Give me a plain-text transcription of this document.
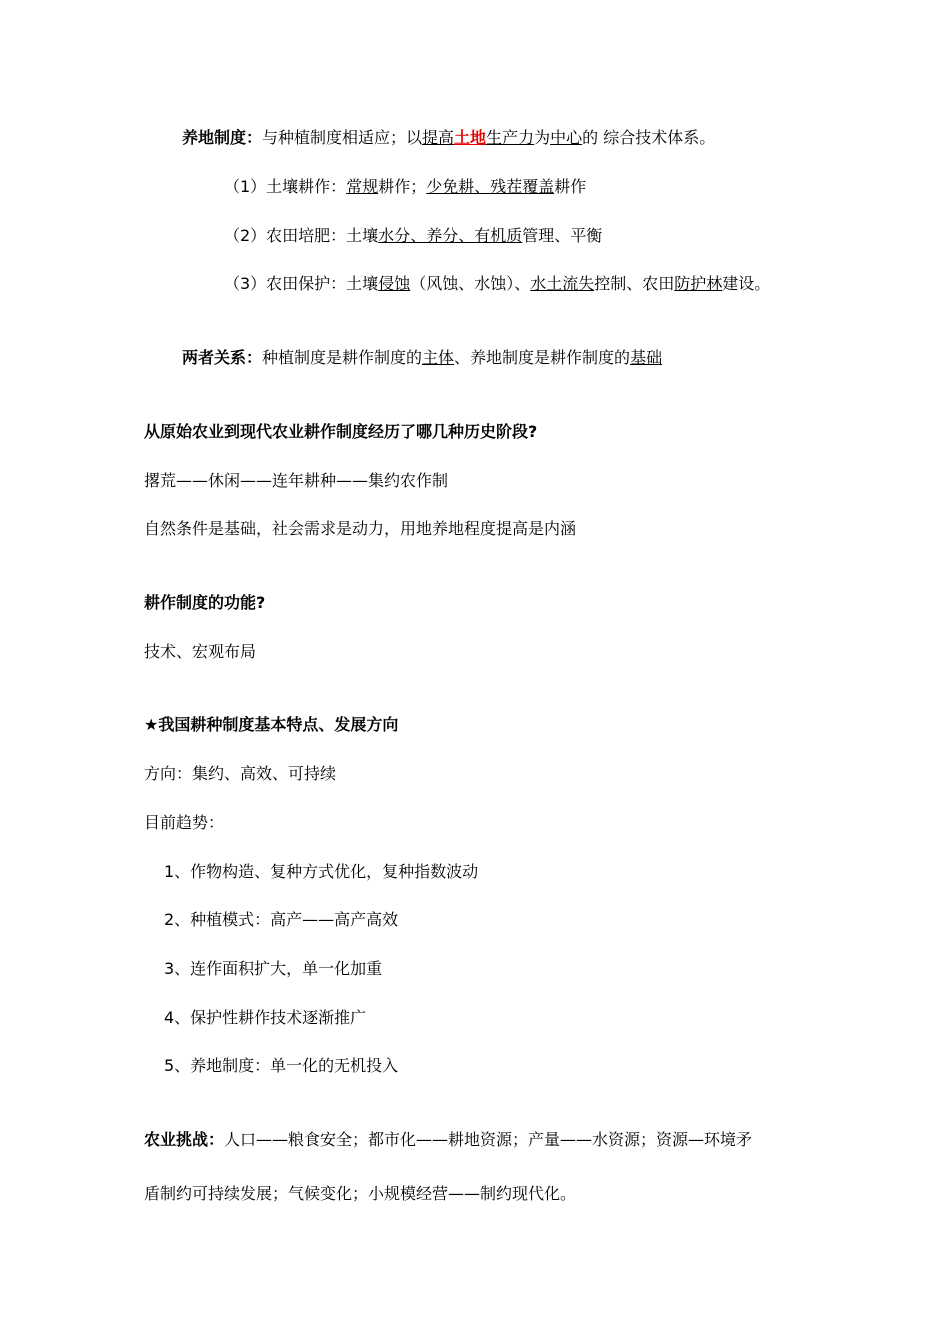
养地制度：与种植制度相适应；以提高土地生产力为中心的 综合技术体系。
（1）土壤耕作：常规耕作；少免耕、残茬覆盖耕作
（2）农田培肥：土壤水分、养分、有机质管理、平衡
（3）农田保护：土壤侵蚀（风蚀、水蚀）、水土流失控制、农田防护林建设。
两者关系：种植制度是耕作制度的主体、养地制度是耕作制度的基础
从原始农业到现代农业耕作制度经历了哪几种历史阶段?
撂荒——休闲——连年耕种——集约农作制
自然条件是基础，社会需求是动力，用地养地程度提高是内涵
耕作制度的功能?
技术、宏观布局
★我国耕种制度基本特点、发展方向
方向：集约、高效、可持续
目前趋势：
1、作物构造、复种方式优化，复种指数波动
2、种植模式：高产——高产高效
3、连作面积扩大，单一化加重
4、保护性耕作技术逐渐推广
5、养地制度：单一化的无机投入
农业挑战：人口——粮食安全；都市化——耕地资源；产量——水资源；资源—环境矛
盾制约可持续发展；气候变化；小规模经营——制约现代化。
